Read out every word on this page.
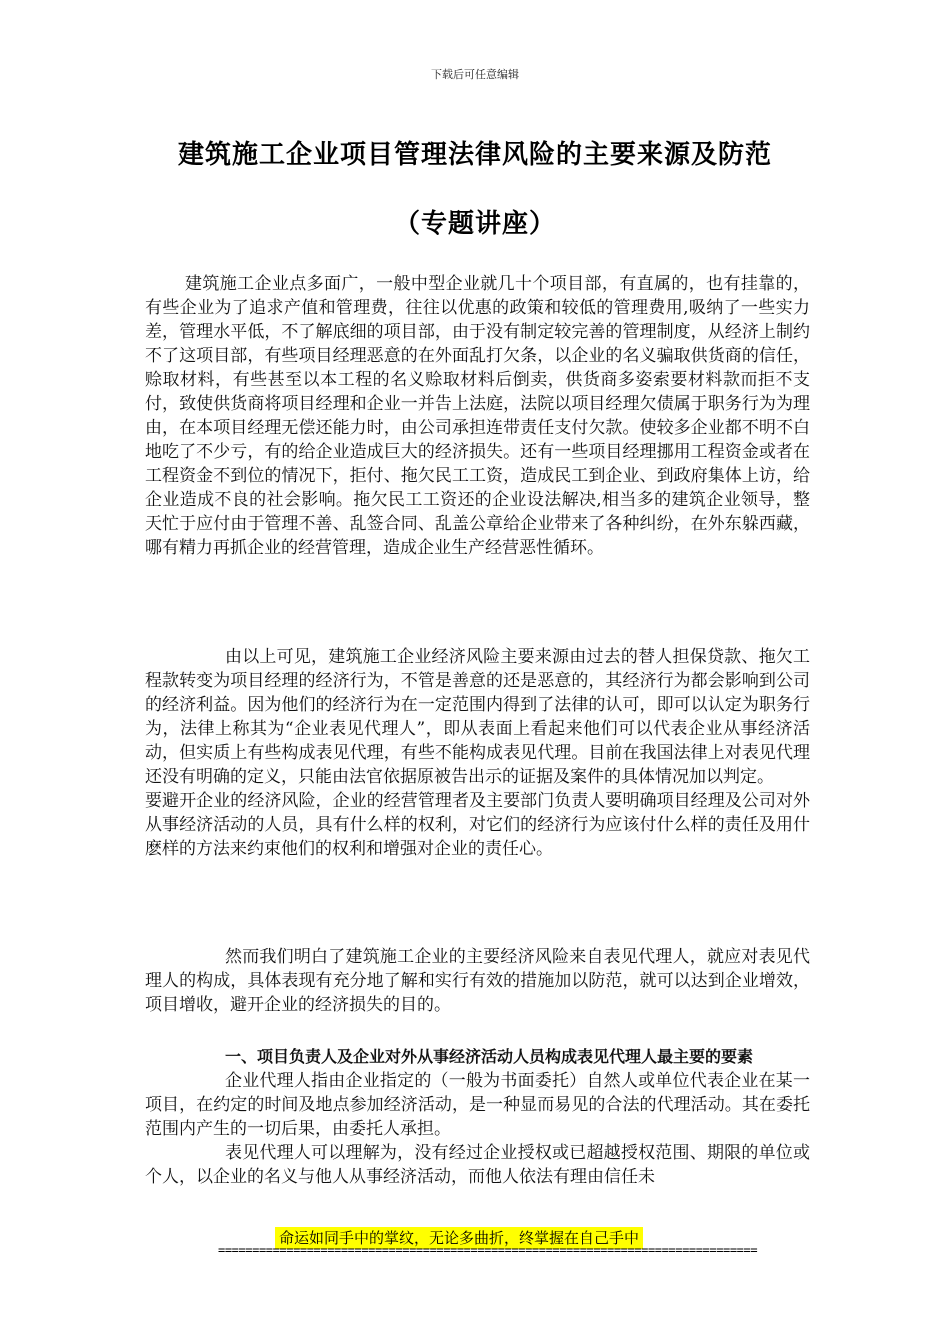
下载后可任意编辑
建筑施工企业项目管理法律风险的主要来源及防范
（专题讲座）

建筑施工企业点多面广，一般中型企业就几十个项目部，有直属的，也有挂靠的，有些企业为了追求产值和管理费，往往以优惠的政策和较低的管理费用,吸纳了一些实力差，管理水平低，不了解底细的项目部，由于没有制定较完善的管理制度，从经济上制约不了这项目部，有些项目经理恶意的在外面乱打欠条，以企业的名义骗取供货商的信任，赊取材料，有些甚至以本工程的名义赊取材料后倒卖，供货商多姿索要材料款而拒不支付，致使供货商将项目经理和企业一并告上法庭，法院以项目经理欠债属于职务行为为理由，在本项目经理无偿还能力时，由公司承担连带责任支付欠款。使较多企业都不明不白地吃了不少亏，有的给企业造成巨大的经济损失。还有一些项目经理挪用工程资金或者在工程资金不到位的情况下，拒付、拖欠民工工资，造成民工到企业、到政府集体上访，给企业造成不良的社会影响。拖欠民工工资还的企业设法解决,相当多的建筑企业领导，整天忙于应付由于管理不善、乱签合同、乱盖公章给企业带来了各种纠纷，在外东躲西藏，哪有精力再抓企业的经营管理，造成企业生产经营恶性循环。

由以上可见，建筑施工企业经济风险主要来源由过去的替人担保贷款、拖欠工程款转变为项目经理的经济行为，不管是善意的还是恶意的，其经济行为都会影响到公司的经济利益。因为他们的经济行为在一定范围内得到了法律的认可，即可以认定为职务行为，法律上称其为“企业表见代理人”，即从表面上看起来他们可以代表企业从事经济活动，但实质上有些构成表见代理，有些不能构成表见代理。目前在我国法律上对表见代理还没有明确的定义，只能由法官依据原被告出示的证据及案件的具体情况加以判定。

要避开企业的经济风险，企业的经营管理者及主要部门负责人要明确项目经理及公司对外从事经济活动的人员，具有什么样的权利，对它们的经济行为应该付什么样的责任及用什麽样的方法来约束他们的权利和增强对企业的责任心。

然而我们明白了建筑施工企业的主要经济风险来自表见代理人，就应对表见代理人的构成，具体表现有充分地了解和实行有效的措施加以防范，就可以达到企业增效，项目增收，避开企业的经济损失的目的。

一、项目负责人及企业对外从事经济活动人员构成表见代理人最主要的要素

企业代理人指由企业指定的（一般为书面委托）自然人或单位代表企业在某一项目，在约定的时间及地点参加经济活动，是一种显而易见的合法的代理活动。其在委托范围内产生的一切后果，由委托人承担。

表见代理人可以理解为，没有经过企业授权或已超越授权范围、期限的单位或个人，以企业的名义与他人从事经济活动，而他人依法有理由信任未

命运如同手中的掌纹，无论多曲折，终掌握在自己手中
===============================================================================
